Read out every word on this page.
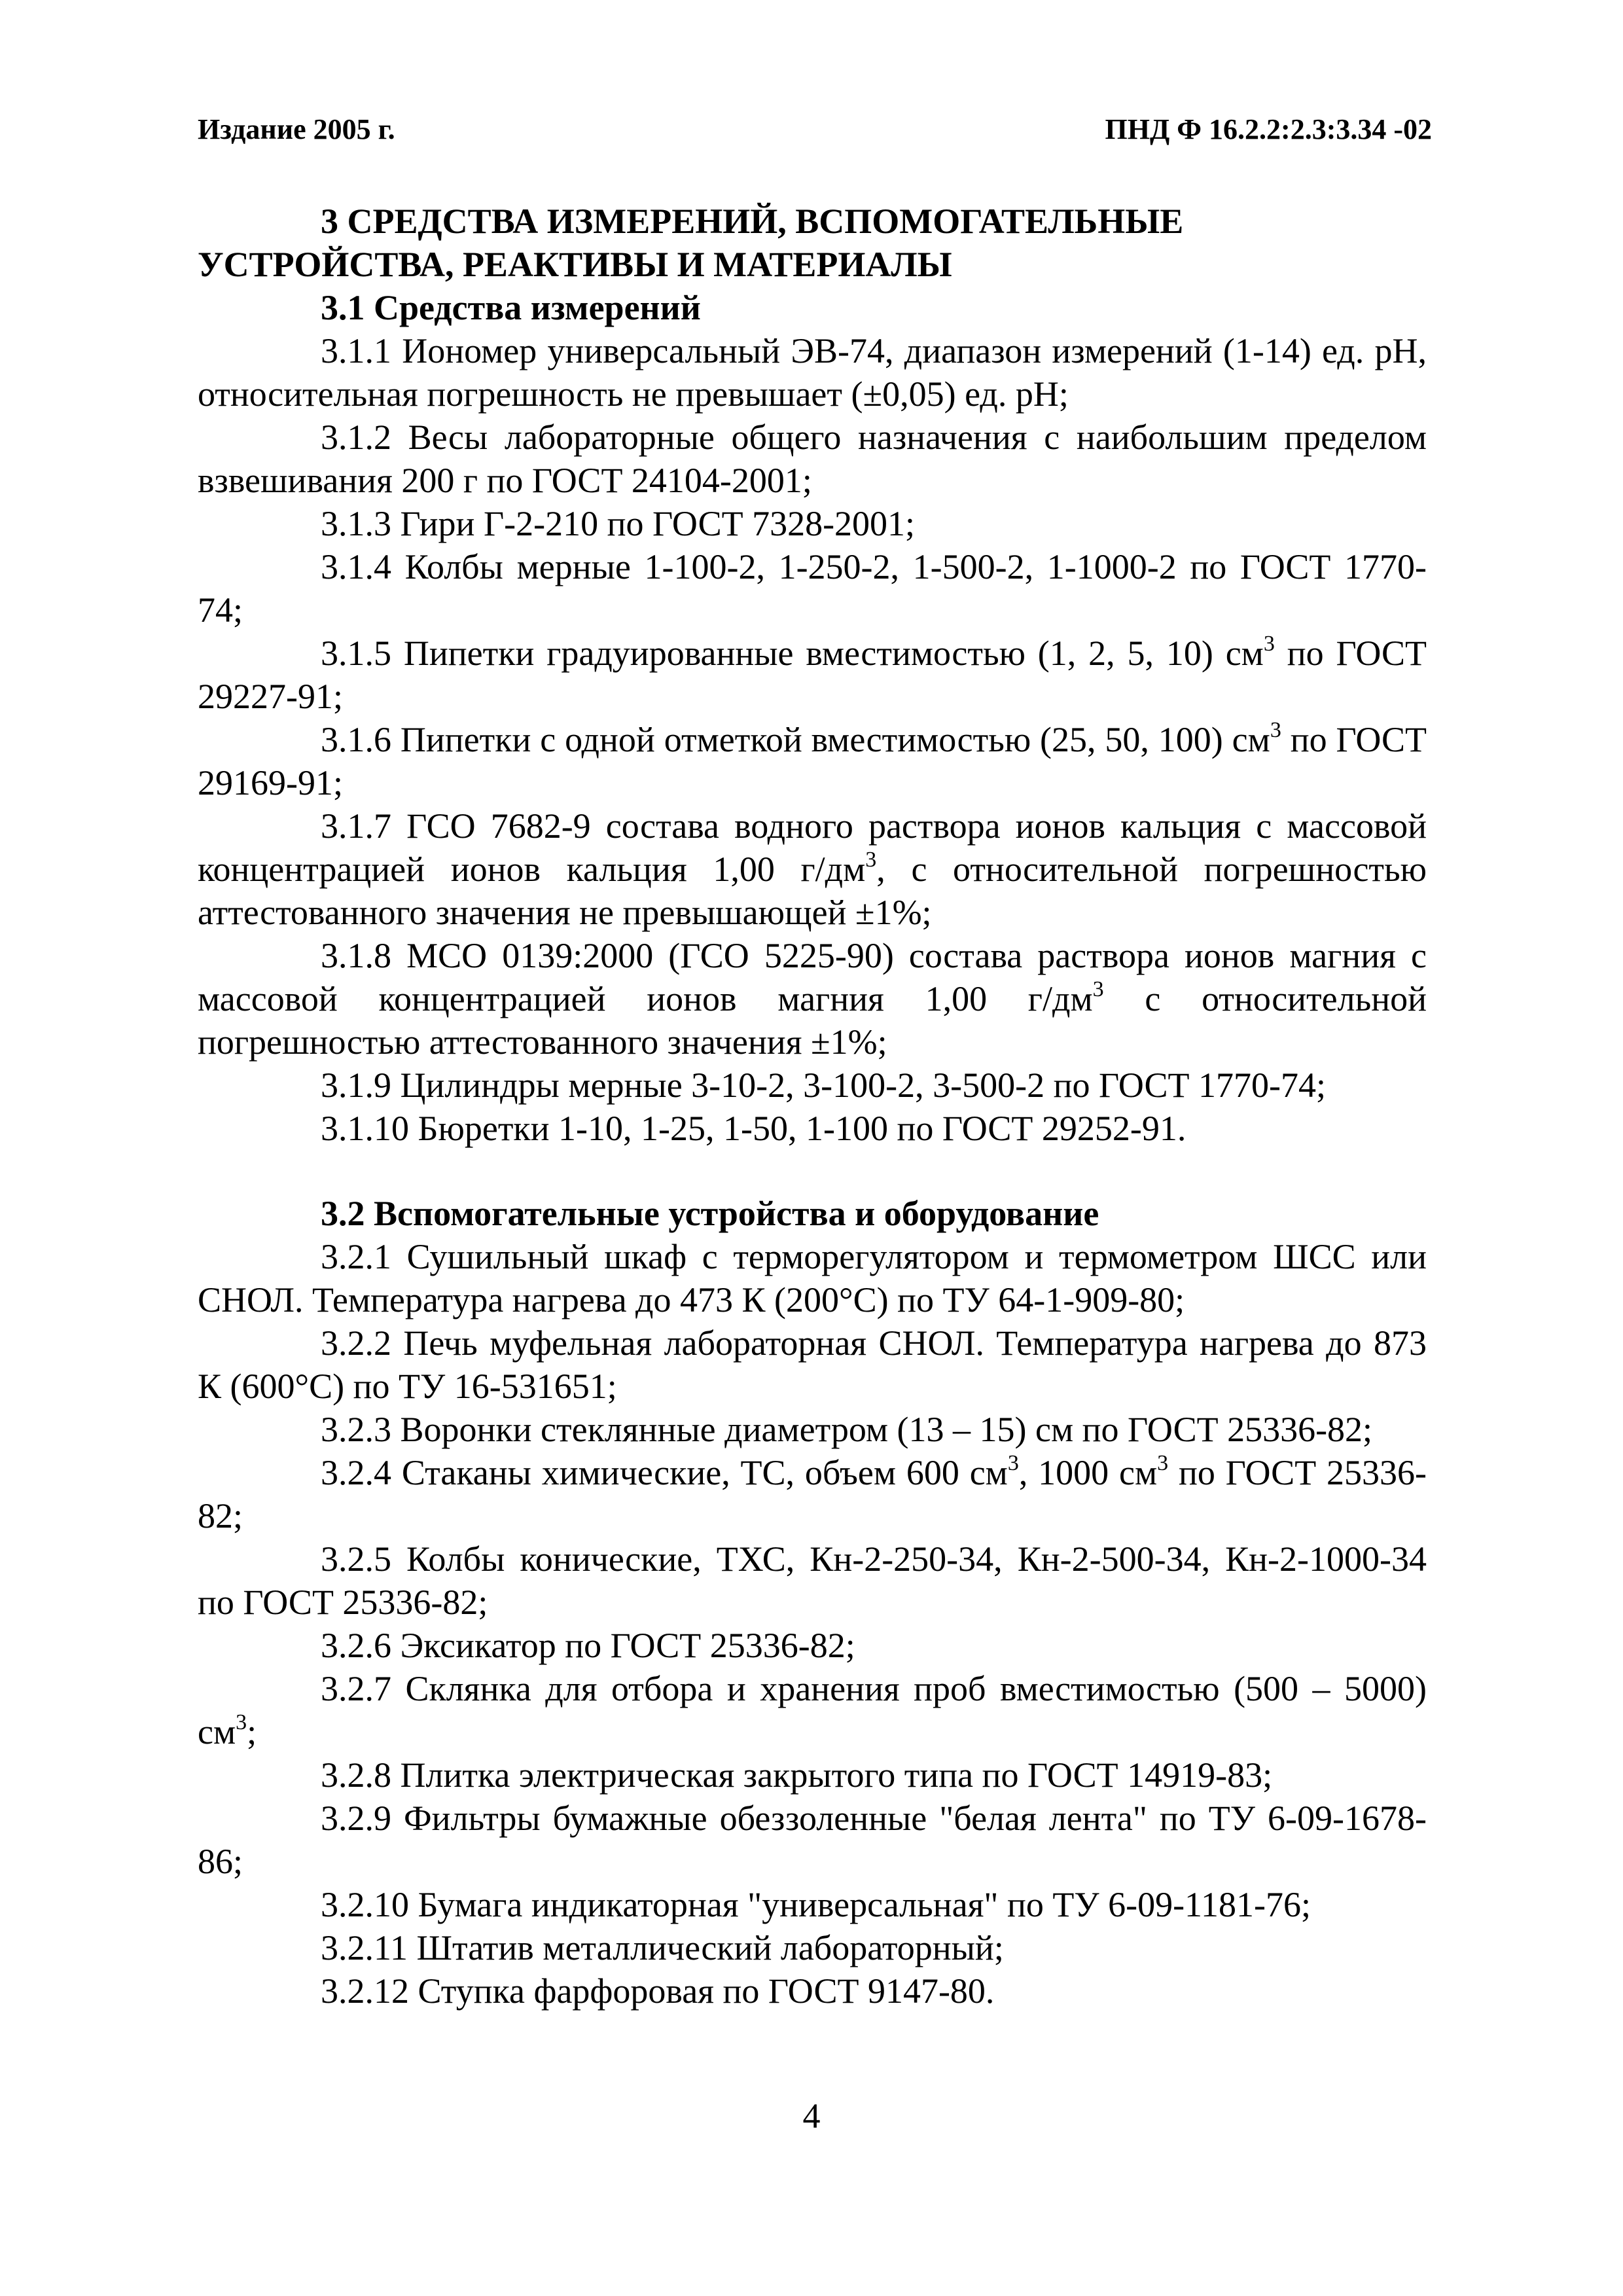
Издание 2005 г.	ПНД Ф 16.2.2:2.3:3.34 -02

3 СРЕДСТВА ИЗМЕРЕНИЙ, ВСПОМОГАТЕЛЬНЫЕ

УСТРОЙСТВА, РЕАКТИВЫ И МАТЕРИАЛЫ

3.1 Средства измерений

3.1.1 Иономер универсальный ЭВ-74, диапазон измерений (1-14) ед. pH, относительная погрешность не превышает (±0,05) ед. pH;

3.1.2 Весы лабораторные общего назначения с наибольшим пределом взвешивания 200 г по ГОСТ 24104-2001;

3.1.3 Гири Г-2-210 по ГОСТ 7328-2001;

3.1.4 Колбы мерные 1-100-2, 1-250-2, 1-500-2, 1-1000-2 по ГОСТ 1770-74;

3.1.5 Пипетки градуированные вместимостью (1, 2, 5, 10) $см^3$ по ГОСТ 29227-91;

3.1.6 Пипетки с одной отметкой вместимостью (25, 50, 100) $см^3$ по ГОСТ 29169-91;

3.1.7 ГСО 7682-9 состава водного раствора ионов кальция с массовой концентрацией ионов кальция 1,00 $г/дм^3$, с относительной погрешностью аттестованного значения не превышающей ±1%;

3.1.8 МСО 0139:2000 (ГСО 5225-90) состава раствора ионов магния с массовой концентрацией ионов магния 1,00 $г/дм^3$ с относительной погрешностью аттестованного значения ±1%;

3.1.9 Цилиндры мерные 3-10-2, 3-100-2, 3-500-2 по ГОСТ 1770-74;

3.1.10 Бюретки 1-10, 1-25, 1-50, 1-100 по ГОСТ 29252-91.

3.2 Вспомогательные устройства и оборудование

3.2.1 Сушильный шкаф с терморегулятором и термометром ШСС или СНОЛ. Температура нагрева до 473 К (200°С) по ТУ 64-1-909-80;

3.2.2 Печь муфельная лабораторная СНОЛ. Температура нагрева до 873 К (600°С) по ТУ 16-531651;

3.2.3 Воронки стеклянные диаметром (13 – 15) см по ГОСТ 25336-82;

3.2.4 Стаканы химические, ТС, объем 600 $см^3$, 1000 $см^3$ по ГОСТ 25336-82;

3.2.5 Колбы конические, ТХС, Кн-2-250-34, Кн-2-500-34, Кн-2-1000-34 по ГОСТ 25336-82;

3.2.6 Эксикатор по ГОСТ 25336-82;

3.2.7 Склянка для отбора и хранения проб вместимостью (500 – 5000) $см^3$;

3.2.8 Плитка электрическая закрытого типа по ГОСТ 14919-83;

3.2.9 Фильтры бумажные обеззоленные "белая лента" по ТУ 6-09-1678-86;

3.2.10 Бумага индикаторная "универсальная" по ТУ 6-09-1181-76;

3.2.11 Штатив металлический лабораторный;

3.2.12 Ступка фарфоровая по ГОСТ 9147-80.

4
